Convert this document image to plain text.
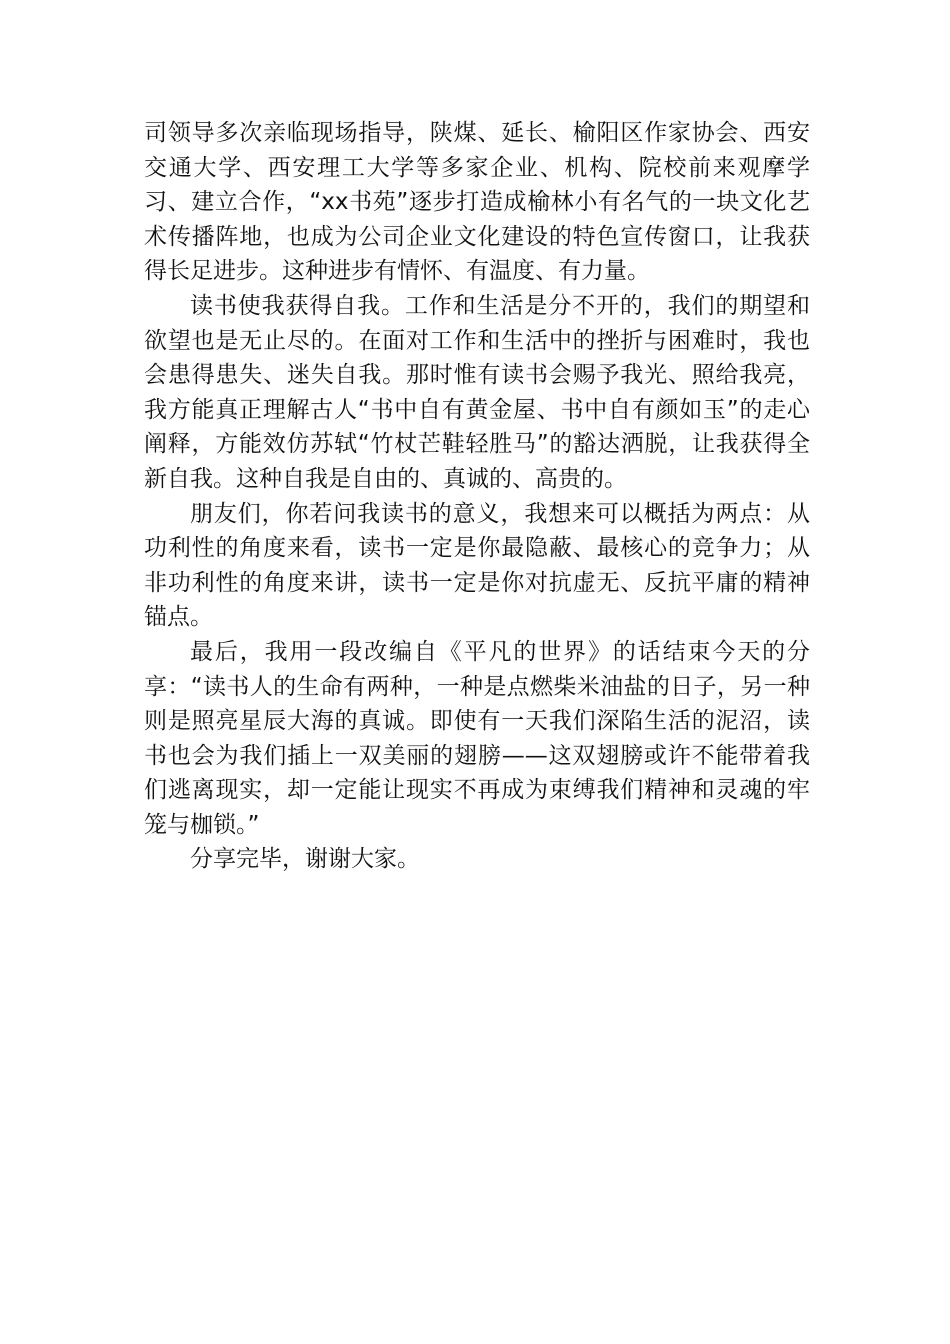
司领导多次亲临现场指导，陕煤、延长、榆阳区作家协会、西安交通大学、西安理工大学等多家企业、机构、院校前来观摩学习、建立合作，“xx书苑”逐步打造成榆林小有名气的一块文化艺术传播阵地，也成为公司企业文化建设的特色宣传窗口，让我获得长足进步。这种进步有情怀、有温度、有力量。

读书使我获得自我。工作和生活是分不开的，我们的期望和欲望也是无止尽的。在面对工作和生活中的挫折与困难时，我也会患得患失、迷失自我。那时惟有读书会赐予我光、照给我亮，我方能真正理解古人“书中自有黄金屋、书中自有颜如玉”的走心阐释，方能效仿苏轼“竹杖芒鞋轻胜马”的豁达洒脱，让我获得全新自我。这种自我是自由的、真诚的、高贵的。

朋友们，你若问我读书的意义，我想来可以概括为两点：从功利性的角度来看，读书一定是你最隐蔽、最核心的竞争力；从非功利性的角度来讲，读书一定是你对抗虚无、反抗平庸的精神锚点。

最后，我用一段改编自《平凡的世界》的话结束今天的分享：“读书人的生命有两种，一种是点燃柴米油盐的日子，另一种则是照亮星辰大海的真诚。即使有一天我们深陷生活的泥沼，读书也会为我们插上一双美丽的翅膀——这双翅膀或许不能带着我们逃离现实，却一定能让现实不再成为束缚我们精神和灵魂的牢笼与枷锁。”

分享完毕，谢谢大家。
